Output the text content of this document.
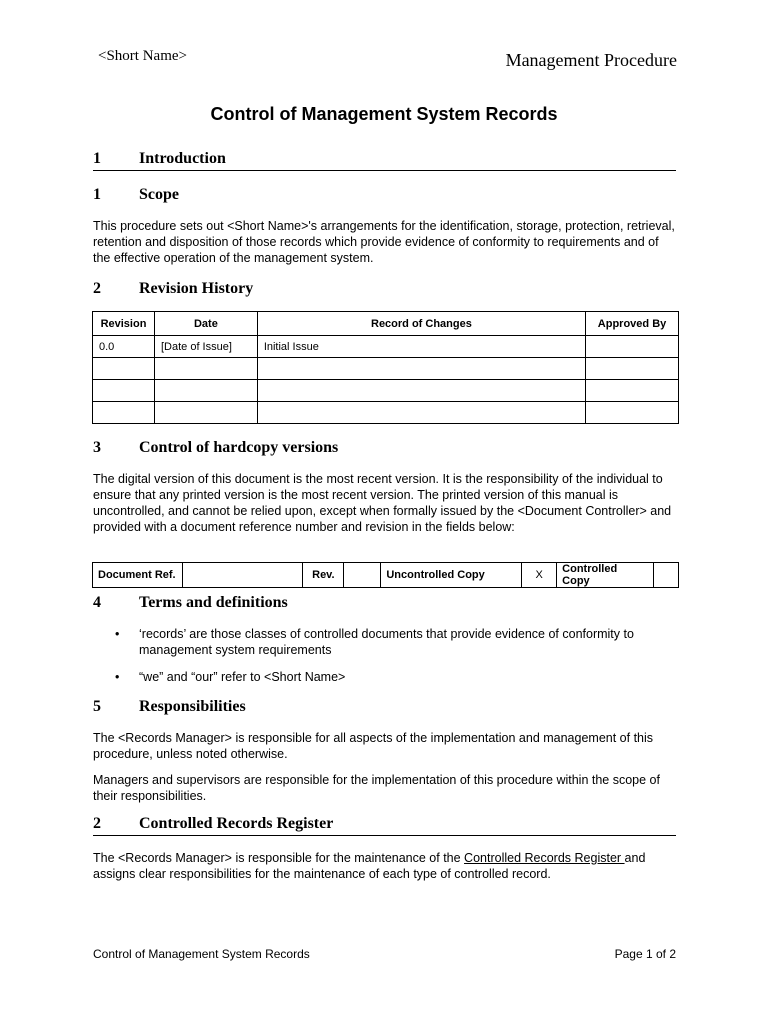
<Short Name>	Management Procedure
Control of Management System Records
1 Introduction
1 Scope
This procedure sets out <Short Name>'s arrangements for the identification, storage, protection, retrieval, retention and disposition of those records which provide evidence of conformity to requirements and of the effective operation of the management system.
2 Revision History
Revision	Date	Record of Changes	Approved By
0.0	[Date of Issue]	Initial Issue	

3 Control of hardcopy versions
The digital version of this document is the most recent version. It is the responsibility of the individual to ensure that any printed version is the most recent version. The printed version of this manual is uncontrolled, and cannot be relied upon, except when formally issued by the <Document Controller> and provided with a document reference number and revision in the fields below:
Document Ref.		Rev.		Uncontrolled Copy	X	Controlled Copy	
4 Terms and definitions
• ‘records’ are those classes of controlled documents that provide evidence of conformity to management system requirements
• “we” and “our” refer to <Short Name>
5 Responsibilities
The <Records Manager> is responsible for all aspects of the implementation and management of this procedure, unless noted otherwise.
Managers and supervisors are responsible for the implementation of this procedure within the scope of their responsibilities.
2 Controlled Records Register
The <Records Manager> is responsible for the maintenance of the Controlled Records Register and assigns clear responsibilities for the maintenance of each type of controlled record.
Control of Management System Records	Page 1 of 2
